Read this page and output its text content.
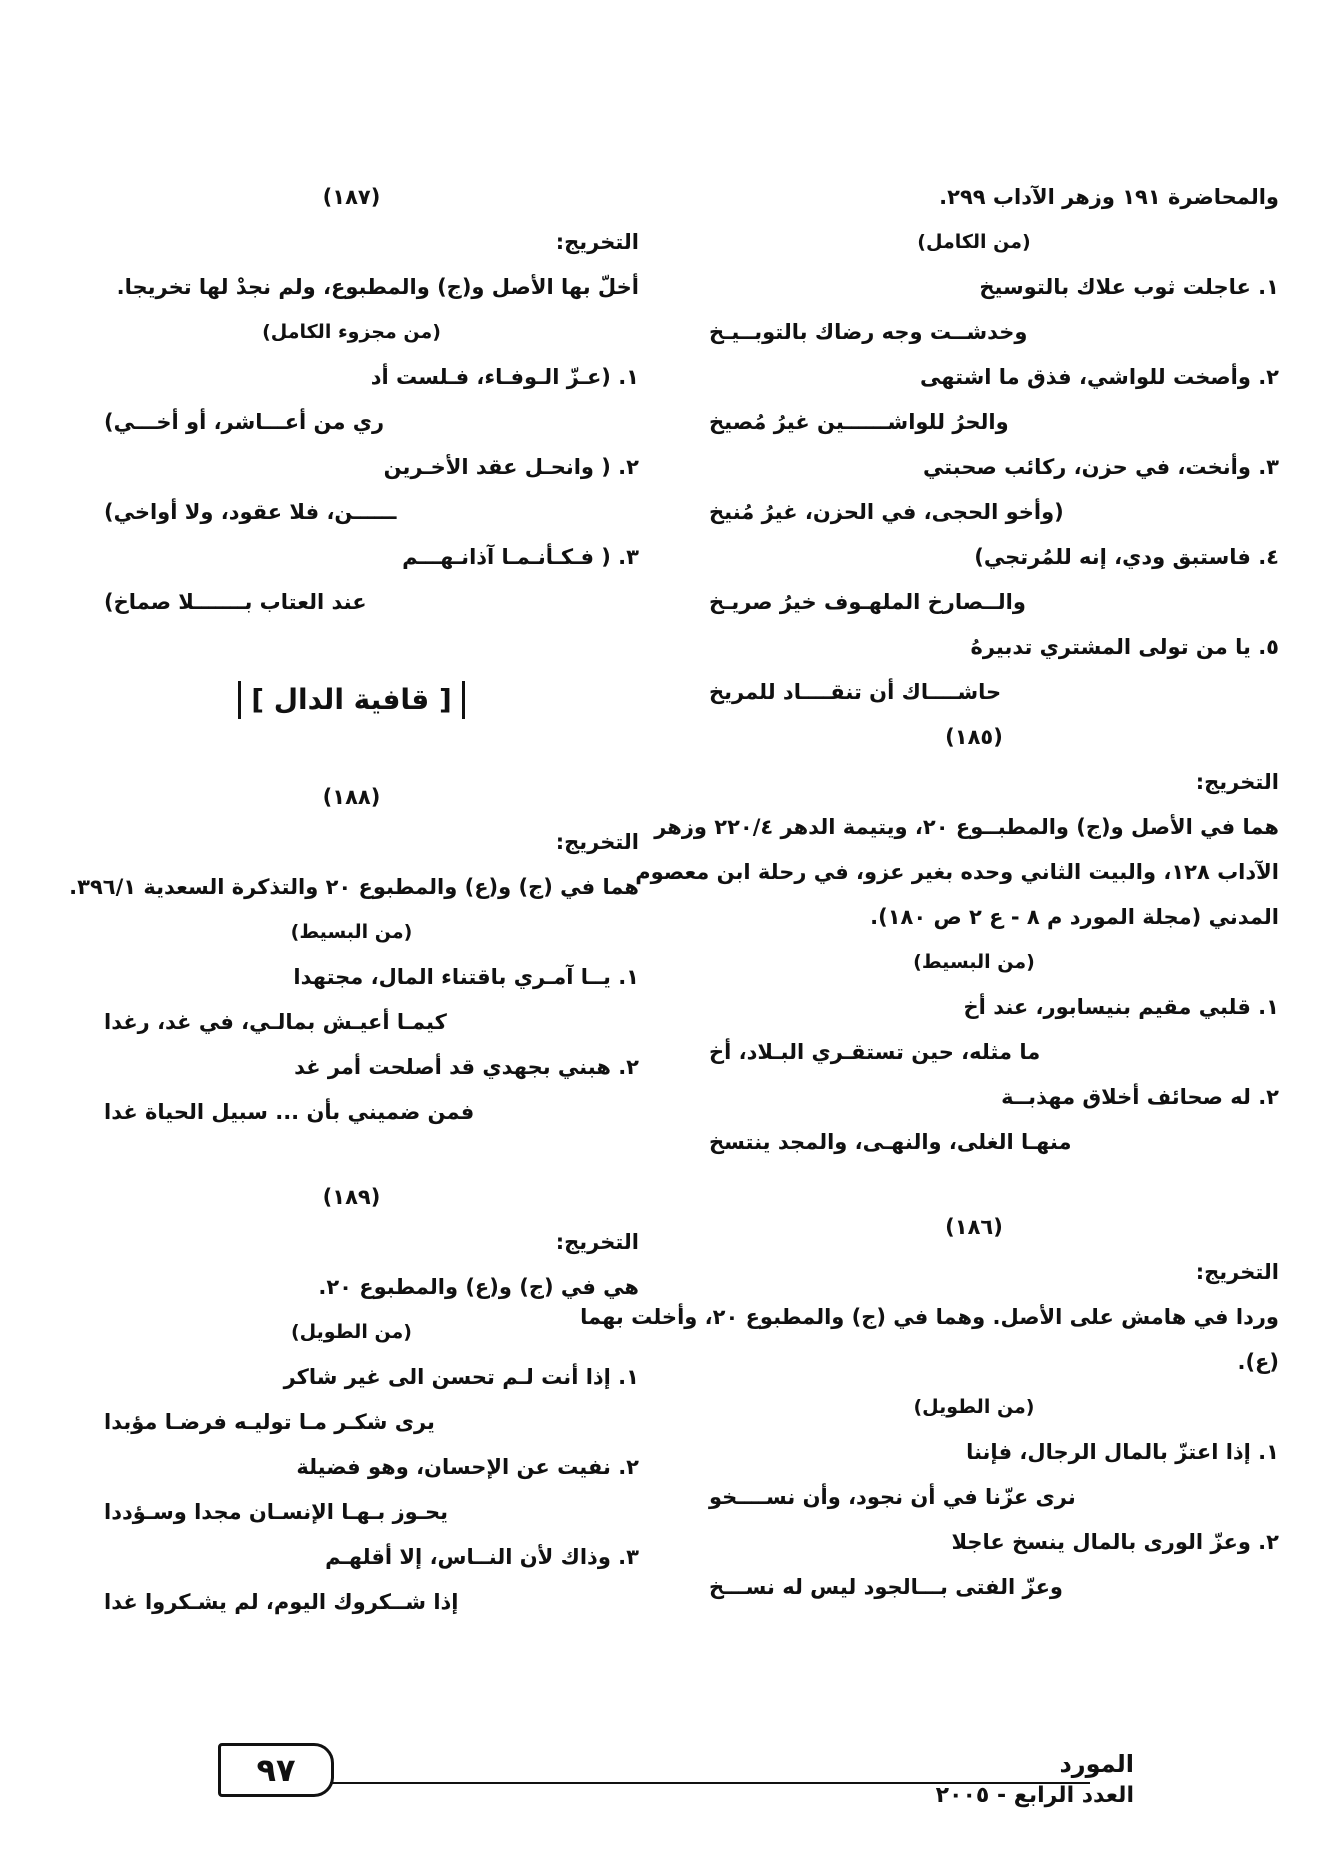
والمحاضرة ١٩١ وزهر الآداب ٢٩٩.
(من الكامل)
١. عاجلت ثوب علاك بالتوسيخ
وخدشــت وجه رضاك بالتوبــيـخ
٢. وأصخت للواشي، فذق ما اشتهى
والحرُ للواشــــــين غيرُ مُصيخ
٣. وأنخت، في حزن، ركائب صحبتي
(وأخو الحجى، في الحزن، غيرُ مُنيخ
٤. فاستبق ودي، إنه للمُرتجي)
والــصارخ الملهـوف خيرُ صريـخ
٥. يا من تولى المشتري تدبيرهُ
حاشــــاك أن تنقــــاد للمريخ
(١٨٥)
التخريج:
هما في الأصل و(ج) والمطبــوع ٢٠، ويتيمة الدهر ٢٢٠/٤ وزهر
الآداب ١٢٨، والبيت الثاني وحده بغير عزو، في رحلة ابن معصوم
المدني (مجلة المورد م ٨ - ع ٢ ص ١٨٠).
(من البسيط)
١. قلبي مقيم بنيسابور، عند أخ
ما مثله، حين تستقـري البـلاد، أخ
٢. له صحائف أخلاق مهذبــة
منهـا الغلى، والنهـى، والمجد ينتسخ
(١٨٦)
التخريج:
وردا في هامش على الأصل. وهما في (ج) والمطبوع ٢٠، وأخلت بهما
(ع).
(من الطويل)
١. إذا اعتزّ بالمال الرجال، فإننا
نرى عزّنا في أن نجود، وأن نســــخو
٢. وعزّ الورى بالمال ينسخ عاجلا
وعزّ الفتى بـــالجود ليس له نســـخ
(١٨٧)
التخريج:
أخلّ بها الأصل و(ج) والمطبوع، ولم نجدْ لها تخريجا.
(من مجزوء الكامل)
١. (عـزّ الـوفـاء، فـلست أد
ري من أعـــاشر، أو أخـــي)
٢. ( وانحـل عقد الأخـرين
ــــــن، فلا عقود، ولا أواخي)
٣. ( فـكـأنـمـا آذانـهـــم
عند العتاب بـــــــلا صماخ)
[ قافية الدال ]
(١٨٨)
التخريج:
هما في (ج) و(ع) والمطبوع ٢٠ والتذكرة السعدية ٣٩٦/١.
(من البسيط)
١. يــا آمـري باقتناء المال، مجتهدا
كيمـا أعيـش بمالـي، في غد، رغدا
٢. هبني بجهدي قد أصلحت أمر غد
فمن ضميني بأن ... سبيل الحياة غدا
(١٨٩)
التخريج:
هي في (ج) و(ع) والمطبوع ٢٠.
(من الطويل)
١. إذا أنت لـم تحسن الى غير شاكر
يرى شكـر مـا توليـه فرضـا مؤبدا
٢. نفيت عن الإحسان، وهو فضيلة
يحـوز بـهـا الإنسـان مجدا وسـؤددا
٣. وذاك لأن النــاس، إلا أقلهـم
إذا شــكروك اليوم، لم يشـكروا غدا
٩٧	المورد
العدد الرابع - ٢٠٠٥
